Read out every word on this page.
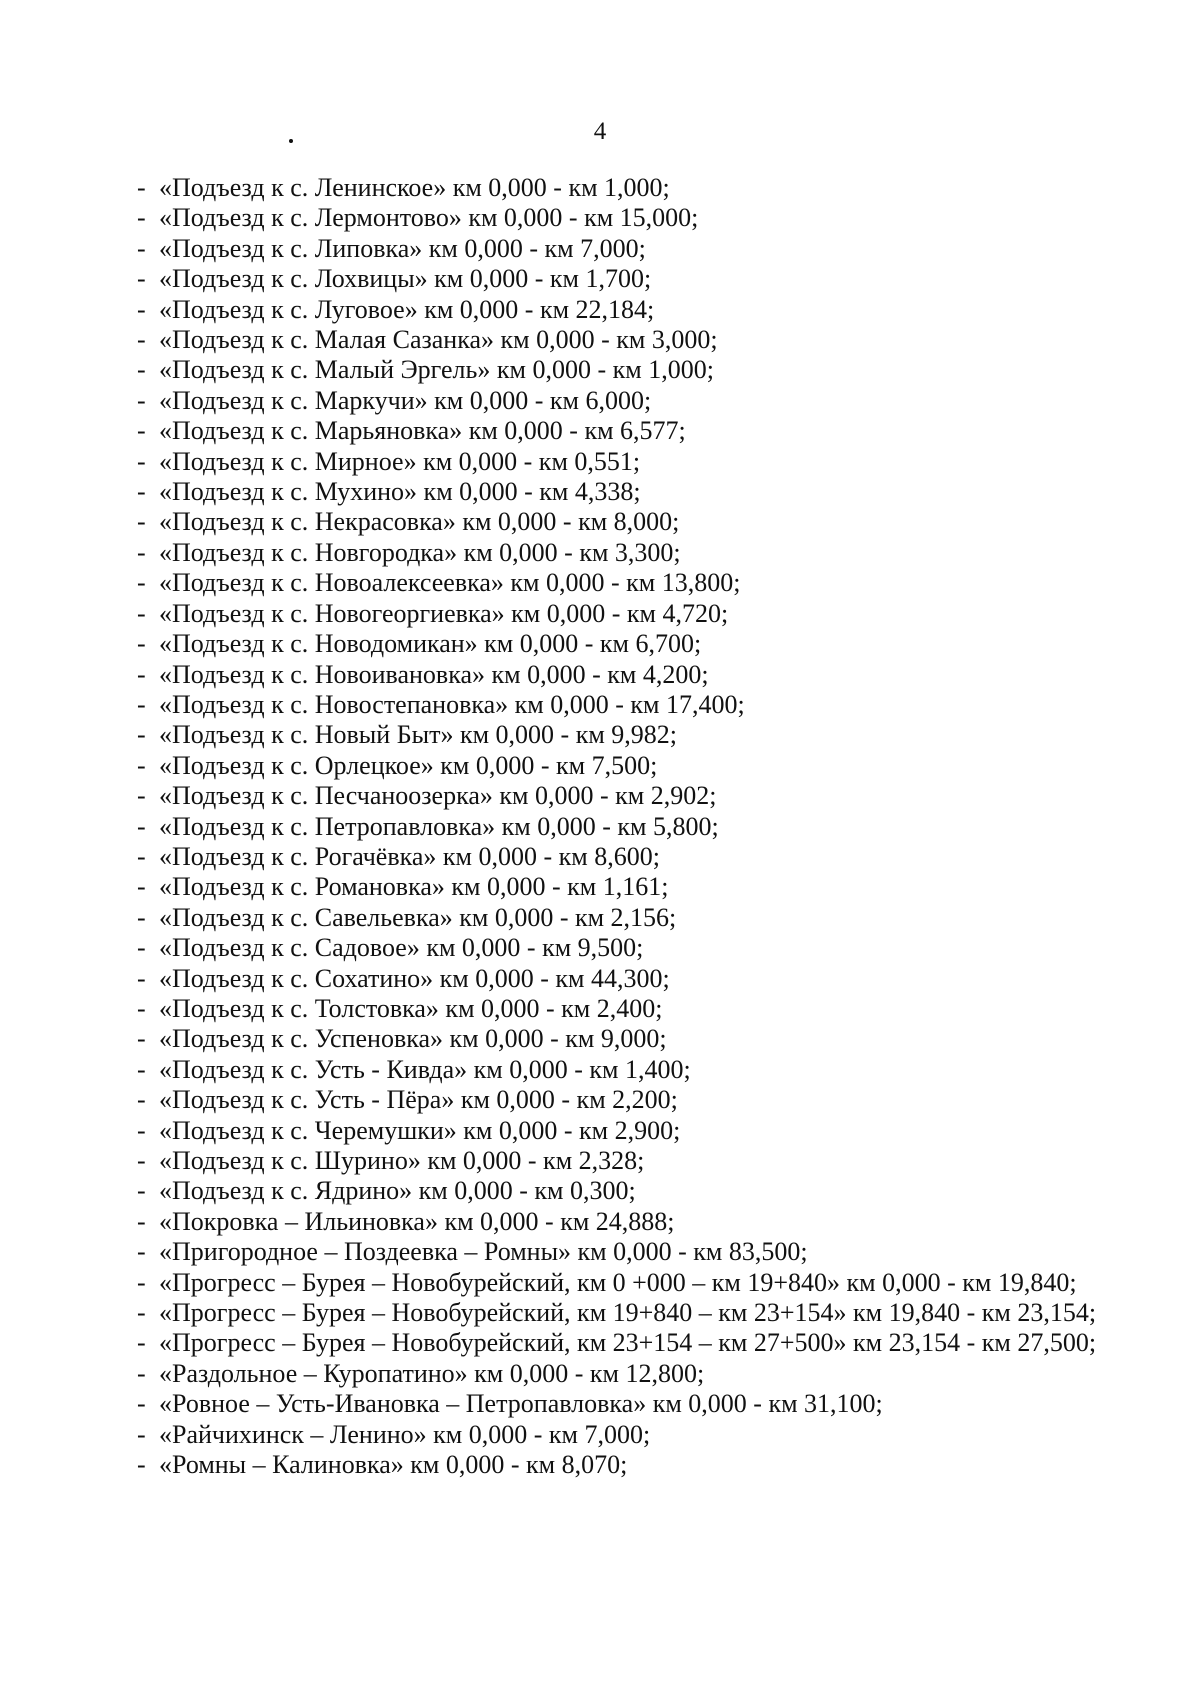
4
- «Подъезд к с. Ленинское» км 0,000 - км 1,000;
- «Подъезд к с. Лермонтово» км 0,000 - км 15,000;
- «Подъезд к с. Липовка» км 0,000 - км 7,000;
- «Подъезд к с. Лохвицы» км 0,000 - км 1,700;
- «Подъезд к с. Луговое» км 0,000 - км 22,184;
- «Подъезд к с. Малая Сазанка» км 0,000 - км 3,000;
- «Подъезд к с. Малый Эргель» км 0,000 - км 1,000;
- «Подъезд к с. Маркучи» км 0,000 - км 6,000;
- «Подъезд к с. Марьяновка» км 0,000 - км 6,577;
- «Подъезд к с. Мирное» км 0,000 - км 0,551;
- «Подъезд к с. Мухино» км 0,000 - км 4,338;
- «Подъезд к с. Некрасовка» км 0,000 - км 8,000;
- «Подъезд к с. Новгородка» км 0,000 - км 3,300;
- «Подъезд к с. Новоалексеевка» км 0,000 - км 13,800;
- «Подъезд к с. Новогеоргиевка» км 0,000 - км 4,720;
- «Подъезд к с. Новодомикан» км 0,000 - км 6,700;
- «Подъезд к с. Новоивановка» км 0,000 - км 4,200;
- «Подъезд к с. Новостепановка» км 0,000 - км 17,400;
- «Подъезд к с. Новый Быт» км 0,000 - км 9,982;
- «Подъезд к с. Орлецкое» км 0,000 - км 7,500;
- «Подъезд к с. Песчаноозерка» км 0,000 - км 2,902;
- «Подъезд к с. Петропавловка» км 0,000 - км 5,800;
- «Подъезд к с. Рогачёвка» км 0,000 - км 8,600;
- «Подъезд к с. Романовка» км 0,000 - км 1,161;
- «Подъезд к с. Савельевка» км 0,000 - км 2,156;
- «Подъезд к с. Садовое» км 0,000 - км 9,500;
- «Подъезд к с. Сохатино» км 0,000 - км 44,300;
- «Подъезд к с. Толстовка» км 0,000 - км 2,400;
- «Подъезд к с. Успеновка» км 0,000 - км 9,000;
- «Подъезд к с. Усть - Кивда» км 0,000 - км 1,400;
- «Подъезд к с. Усть - Пёра» км 0,000 - км 2,200;
- «Подъезд к с. Черемушки» км 0,000 - км 2,900;
- «Подъезд к с. Шурино» км 0,000 - км 2,328;
- «Подъезд к с. Ядрино» км 0,000 - км 0,300;
- «Покровка – Ильиновка» км 0,000 - км 24,888;
- «Пригородное – Поздеевка – Ромны» км 0,000 - км 83,500;
- «Прогресс – Бурея – Новобурейский, км 0 +000 – км 19+840» км 0,000 - км 19,840;
- «Прогресс – Бурея – Новобурейский, км 19+840 – км 23+154» км 19,840 - км 23,154;
- «Прогресс – Бурея – Новобурейский, км 23+154 – км 27+500» км 23,154 - км 27,500;
- «Раздольное – Куропатино» км 0,000 - км 12,800;
- «Ровное – Усть-Ивановка – Петропавловка» км 0,000 - км 31,100;
- «Райчихинск – Ленино» км 0,000 - км 7,000;
- «Ромны – Калиновка» км 0,000 - км 8,070;
